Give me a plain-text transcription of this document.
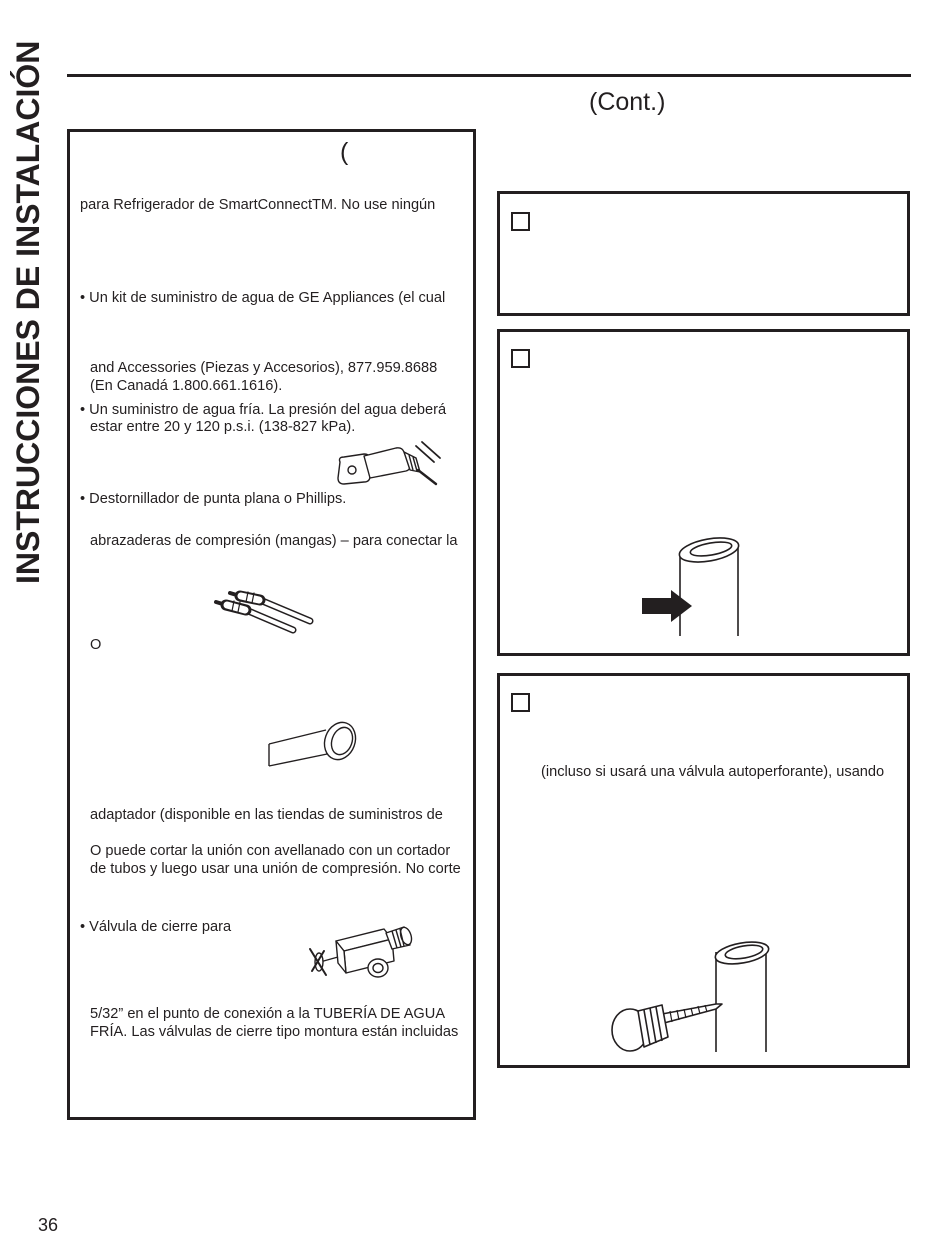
INSTRUCCIONES DE INSTALACIÓN	(Cont.)
(
para Refrigerador de SmartConnectTM. No use ningún
• Un kit de suministro de agua de GE Appliances (el cual
and Accessories (Piezas y Accesorios), 877.959.8688
(En Canadá 1.800.661.1616).
• Un suministro de agua fría. La presión del agua deberá
estar entre 20 y 120 p.s.i. (138-827 kPa).
• Destornillador de punta plana o Phillips.
abrazaderas de compresión (mangas) – para conectar la
O
adaptador (disponible en las tiendas de suministros de
O puede cortar la unión con avellanado con un cortador
de tubos y luego usar una unión de compresión. No corte
• Válvula de cierre para
5/32” en el punto de conexión a la TUBERÍA DE AGUA
FRÍA. Las válvulas de cierre tipo montura están incluidas
(incluso si usará una válvula autoperforante), usando
36
